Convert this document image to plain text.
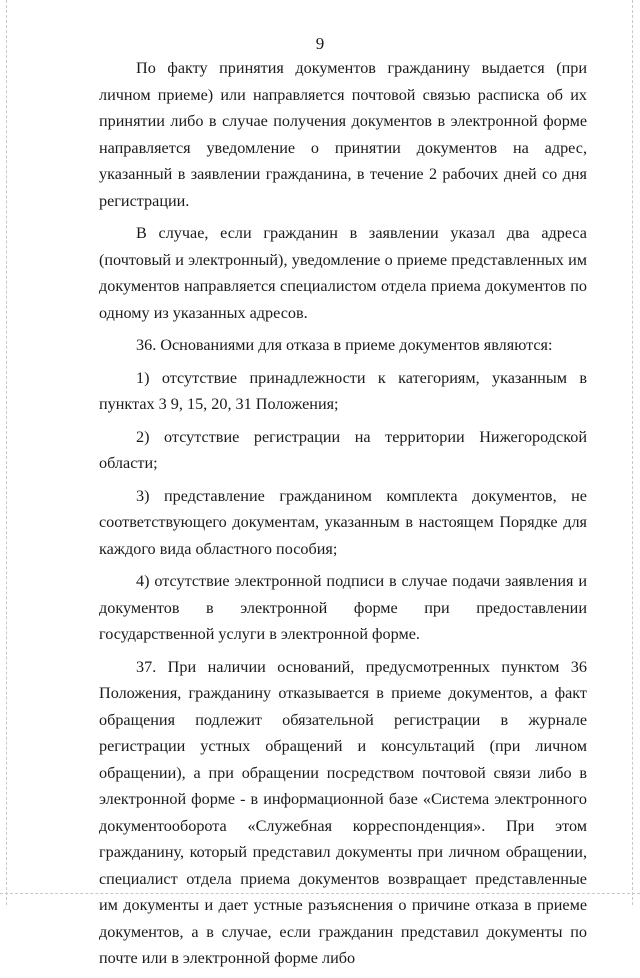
9

По факту принятия документов гражданину выдается (при личном приеме) или направляется почтовой связью расписка об их принятии либо в случае получения документов в электронной форме направляется уведомление о принятии документов на адрес, указанный в заявлении гражданина, в течение 2 рабочих дней со дня регистрации.

В случае, если гражданин в заявлении указал два адреса (почтовый и электронный), уведомление о приеме представленных им документов направляется специалистом отдела приема документов по одному из указанных адресов.

36. Основаниями для отказа в приеме документов являются:

1) отсутствие принадлежности к категориям, указанным в пунктах 3 9, 15, 20, 31 Положения;

2) отсутствие регистрации на территории Нижегородской области;

3) представление гражданином комплекта документов, не соответствующего документам, указанным в настоящем Порядке для каждого вида областного пособия;

4) отсутствие электронной подписи в случае подачи заявления и документов в электронной форме при предоставлении государственной услуги в электронной форме.

37. При наличии оснований, предусмотренных пунктом 36 Положения, гражданину отказывается в приеме документов, а факт обращения подлежит обязательной регистрации в журнале регистрации устных обращений и консультаций (при личном обращении), а при обращении посредством почтовой связи либо в электронной форме - в информационной базе «Система электронного документооборота «Служебная корреспонденция». При этом гражданину, который представил документы при личном обращении, специалист отдела приема документов возвращает представленные им документы и дает устные разъяснения о причине отказа в приеме документов, а в случае, если гражданин представил документы по почте или в электронной форме либо
